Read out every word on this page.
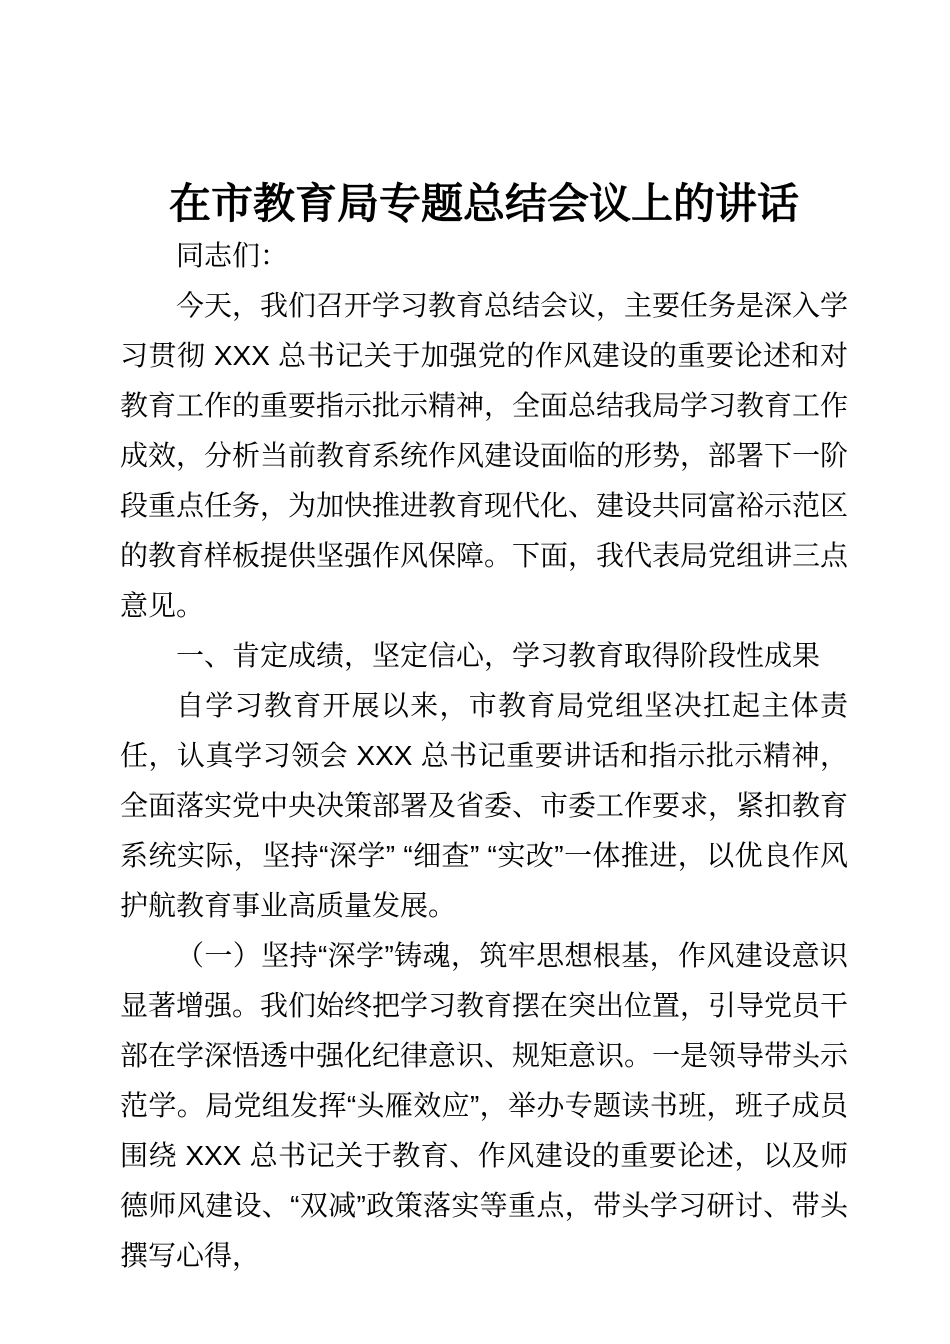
在市教育局专题总结会议上的讲话

同志们：

今天，我们召开学习教育总结会议，主要任务是深入学习贯彻 XXX 总书记关于加强党的作风建设的重要论述和对教育工作的重要指示批示精神，全面总结我局学习教育工作成效，分析当前教育系统作风建设面临的形势，部署下一阶段重点任务，为加快推进教育现代化、建设共同富裕示范区的教育样板提供坚强作风保障。下面，我代表局党组讲三点意见。

一、肯定成绩，坚定信心，学习教育取得阶段性成果

自学习教育开展以来，市教育局党组坚决扛起主体责任，认真学习领会 XXX 总书记重要讲话和指示批示精神，全面落实党中央决策部署及省委、市委工作要求，紧扣教育系统实际，坚持“深学” “细查” “实改”一体推进，以优良作风护航教育事业高质量发展。

（一）坚持“深学”铸魂，筑牢思想根基，作风建设意识显著增强。我们始终把学习教育摆在突出位置，引导党员干部在学深悟透中强化纪律意识、规矩意识。一是领导带头示范学。局党组发挥“头雁效应”，举办专题读书班，班子成员围绕 XXX 总书记关于教育、作风建设的重要论述，以及师德师风建设、“双减”政策落实等重点，带头学习研讨、带头撰写心得，
